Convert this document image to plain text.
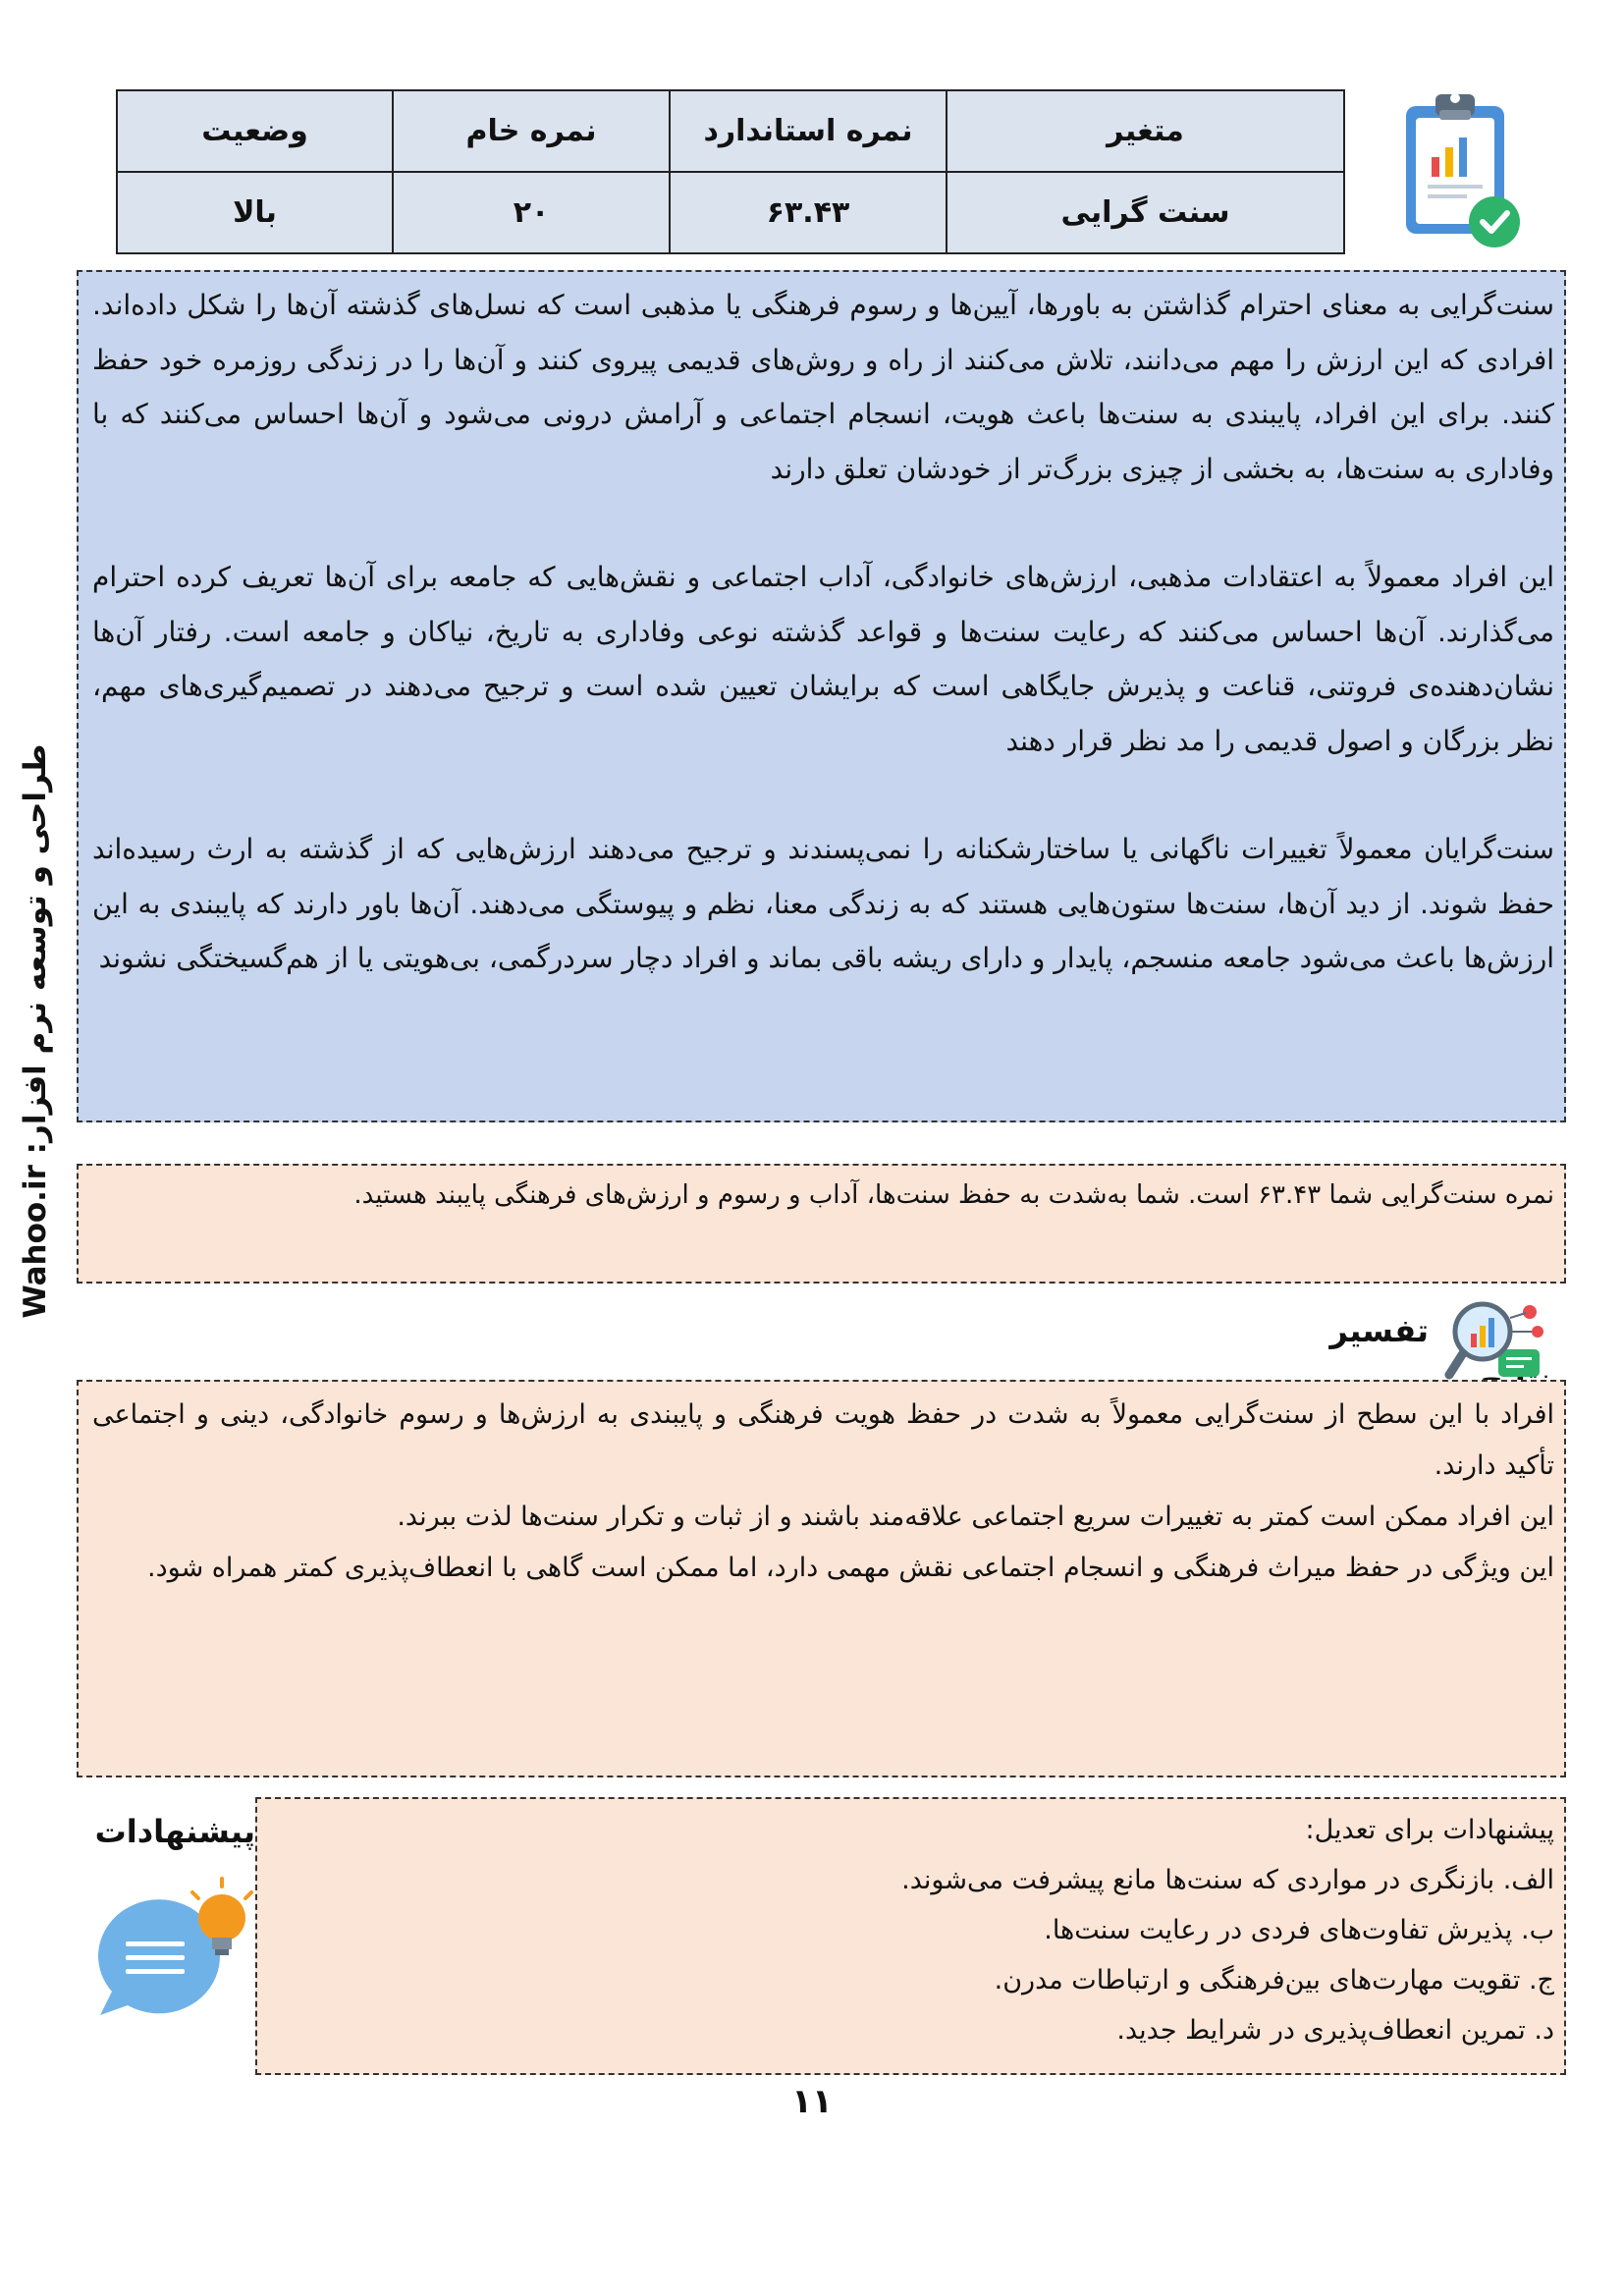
وضعیت	نمره خام	نمره استاندارد	متغیر
بالا	۲۰	۶۳.۴۳	سنت گرایی
طراحی و توسعه نرم افزار: Wahoo.ir

سنت‌گرایی به معنای احترام گذاشتن به باورها، آیین‌ها و رسوم فرهنگی یا مذهبی است که نسل‌های گذشته آن‌ها را شکل داده‌اند. افرادی که این ارزش را مهم می‌دانند، تلاش می‌کنند از راه و روش‌های قدیمی پیروی کنند و آن‌ها را در زندگی روزمره خود حفظ کنند. برای این افراد، پایبندی به سنت‌ها باعث هویت، انسجام اجتماعی و آرامش درونی می‌شود و آن‌ها احساس می‌کنند که با وفاداری به سنت‌ها، به بخشی از چیزی بزرگ‌تر از خودشان تعلق دارند

این افراد معمولاً به اعتقادات مذهبی، ارزش‌های خانوادگی، آداب اجتماعی و نقش‌هایی که جامعه برای آن‌ها تعریف کرده احترام می‌گذارند. آن‌ها احساس می‌کنند که رعایت سنت‌ها و قواعد گذشته نوعی وفاداری به تاریخ، نیاکان و جامعه است. رفتار آن‌ها نشان‌دهنده‌ی فروتنی، قناعت و پذیرش جایگاهی است که برایشان تعیین شده است و ترجیح می‌دهند در تصمیم‌گیری‌های مهم، نظر بزرگان و اصول قدیمی را مد نظر قرار دهند

سنت‌گرایان معمولاً تغییرات ناگهانی یا ساختارشکنانه را نمی‌پسندند و ترجیح می‌دهند ارزش‌هایی که از گذشته به ارث رسیده‌اند حفظ شوند. از دید آن‌ها، سنت‌ها ستون‌هایی هستند که به زندگی معنا، نظم و پیوستگی می‌دهند. آن‌ها باور دارند که پایبندی به این ارزش‌ها باعث می‌شود جامعه منسجم، پایدار و دارای ریشه باقی بماند و افراد دچار سردرگمی، بی‌هویتی یا از هم‌گسیختگی نشوند

نمره سنت‌گرایی شما ۶۳.۴۳ است. شما به‌شدت به حفظ سنت‌ها، آداب و رسوم و ارزش‌های فرهنگی پایبند هستید.
تفسیر
افراد با این سطح از سنت‌گرایی معمولاً به شدت در حفظ هویت فرهنگی و پایبندی به ارزش‌ها و رسوم خانوادگی، دینی و اجتماعی تأکید دارند.
این افراد ممکن است کمتر به تغییرات سریع اجتماعی علاقه‌مند باشند و از ثبات و تکرار سنت‌ها لذت ببرند.
این ویژگی در حفظ میراث فرهنگی و انسجام اجتماعی نقش مهمی دارد، اما ممکن است گاهی با انعطاف‌پذیری کمتر همراه شود.
پیشنهادات	پیشنهادات برای تعدیل:
الف. بازنگری در مواردی که سنت‌ها مانع پیشرفت می‌شوند.
ب. پذیرش تفاوت‌های فردی در رعایت سنت‌ها.
ج. تقویت مهارت‌های بین‌فرهنگی و ارتباطات مدرن.
د. تمرین انعطاف‌پذیری در شرایط جدید.
۱۱
